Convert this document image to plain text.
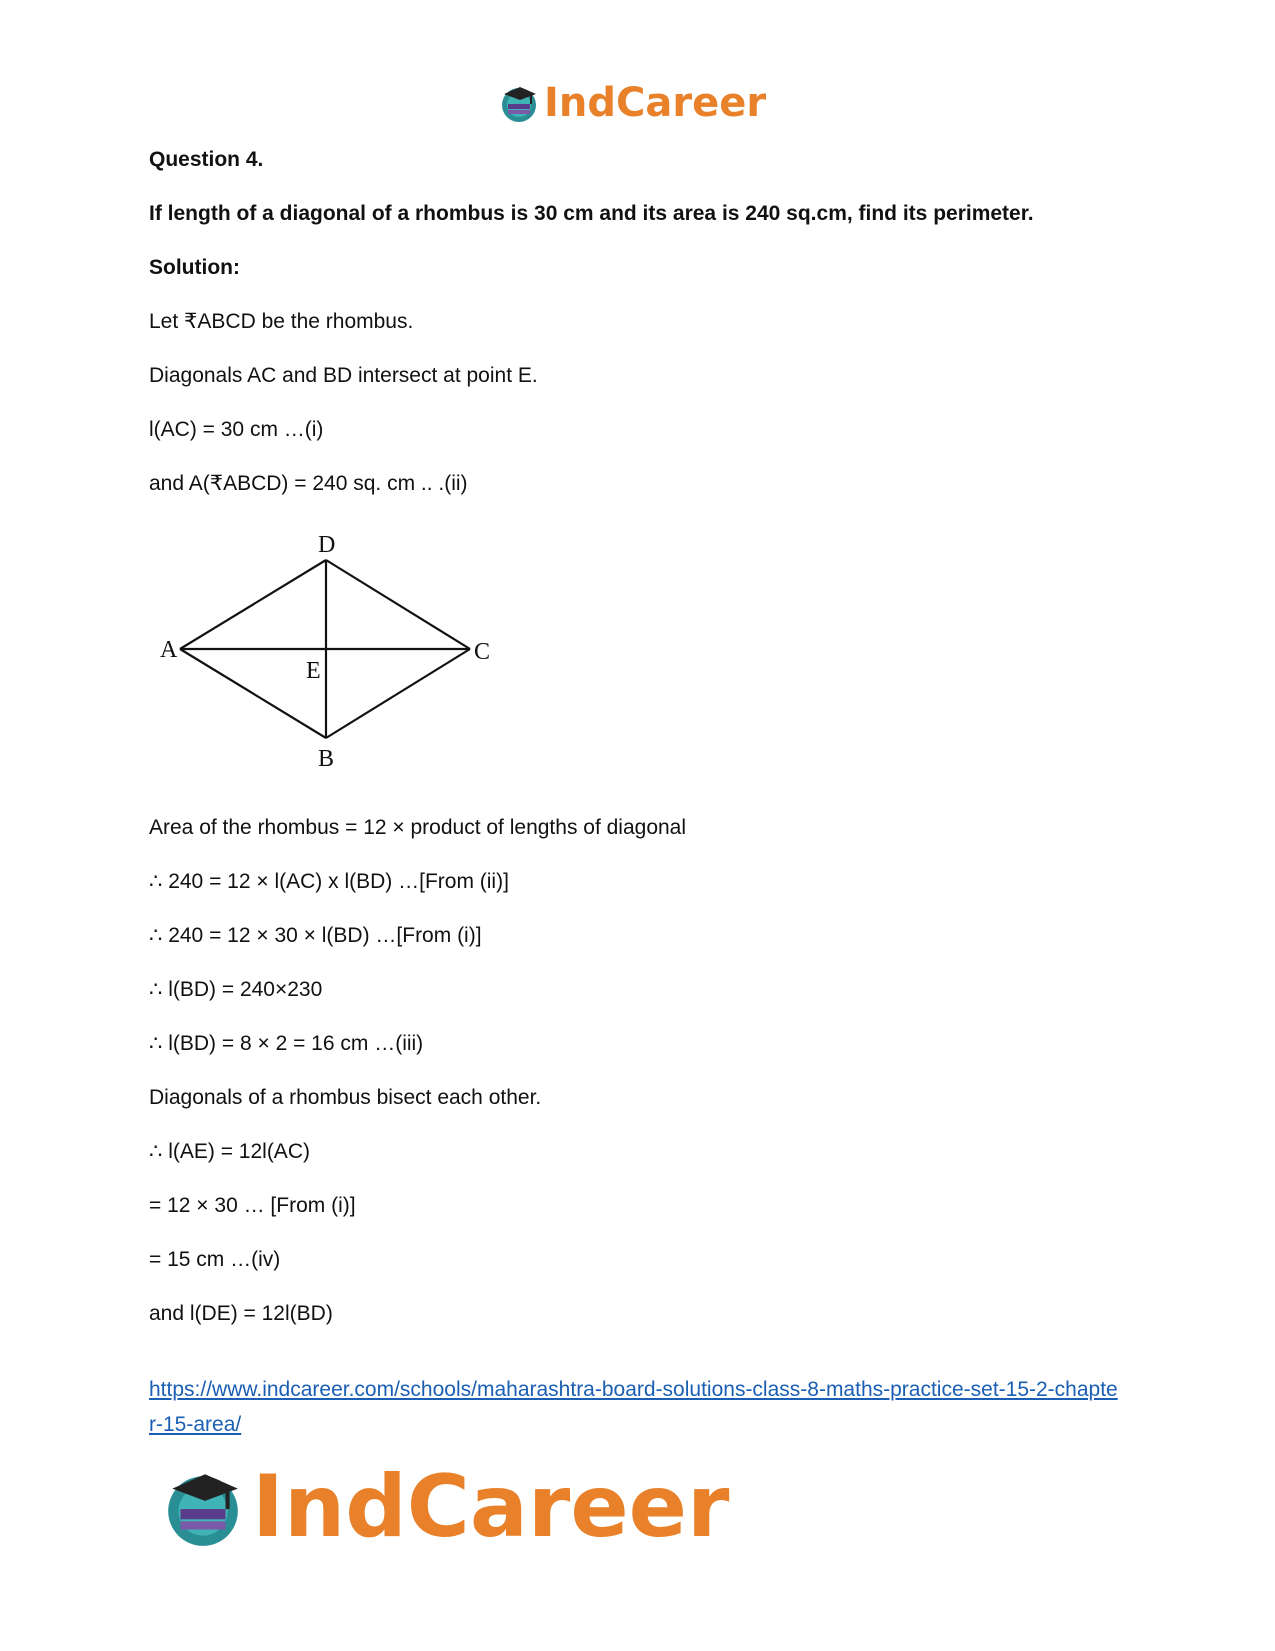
IndCareer
Question 4.
If length of a diagonal of a rhombus is 30 cm and its area is 240 sq.cm, find its perimeter.
Solution:
Let ₹ABCD be the rhombus.
Diagonals AC and BD intersect at point E.
l(AC) = 30 cm …(i)
and A(₹ABCD) = 240 sq. cm .. .(ii)
D
A	C
E
B
Area of the rhombus = 12 × product of lengths of diagonal
∴ 240 = 12 × l(AC) x l(BD) …[From (ii)]
∴ 240 = 12 × 30 × l(BD) …[From (i)]
∴ l(BD) = 240×230
∴ l(BD) = 8 × 2 = 16 cm …(iii)
Diagonals of a rhombus bisect each other.
∴ l(AE) = 12l(AC)
= 12 × 30 … [From (i)]
= 15 cm …(iv)
and l(DE) = 12l(BD)
https://www.indcareer.com/schools/maharashtra-board-solutions-class-8-maths-practice-set-15-2-chapter-15-area/
IndCareer
